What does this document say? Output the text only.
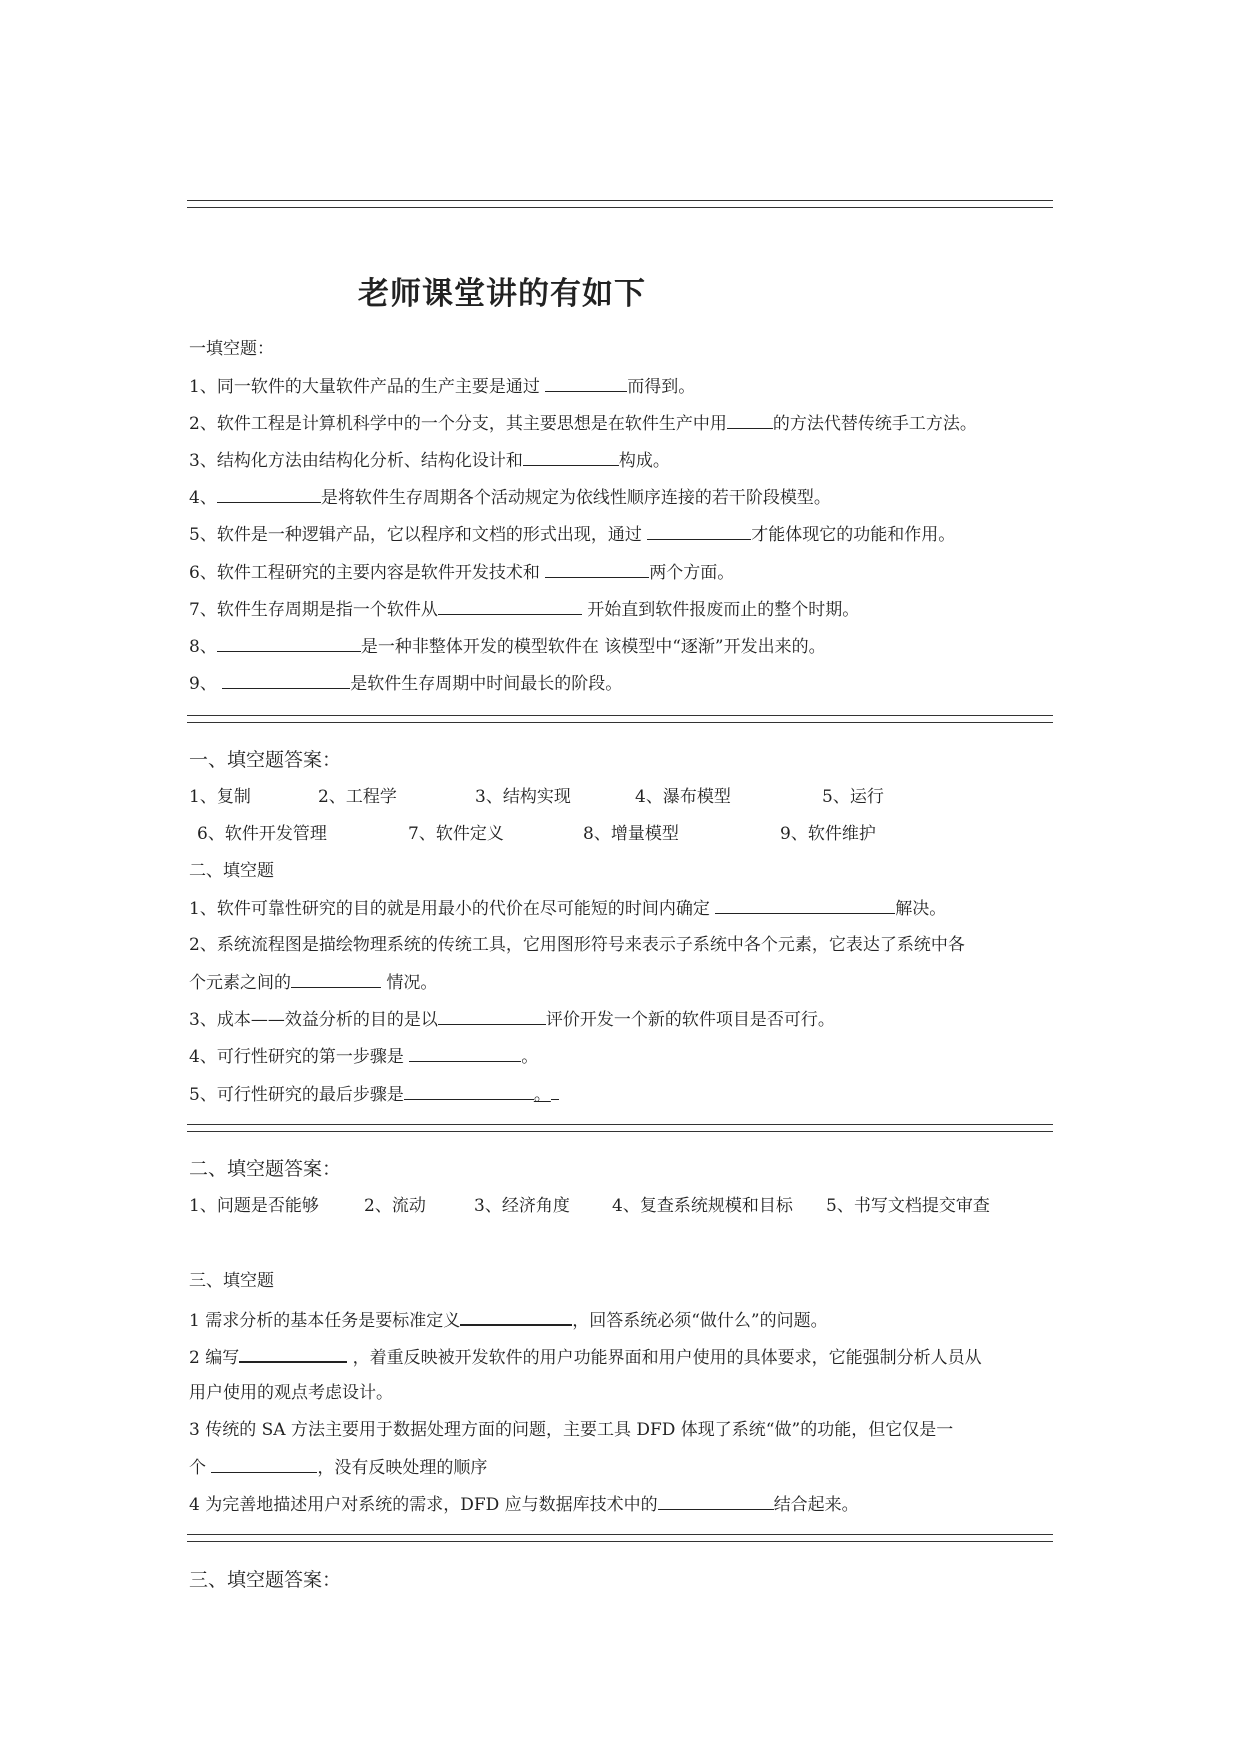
老师课堂讲的有如下
一填空题：
1、同一软件的大量软件产品的生产主要是通过	而得到。
2、软件工程是计算机科学中的一个分支，其主要思想是在软件生产中用	的方法代替传统手工方法。
3、结构化方法由结构化分析、结构化设计和	构成。
4、	是将软件生存周期各个活动规定为依线性顺序连接的若干阶段模型。
5、软件是一种逻辑产品，它以程序和文档的形式出现，通过	才能体现它的功能和作用。
6、软件工程研究的主要内容是软件开发技术和	两个方面。
7、软件生存周期是指一个软件从	开始直到软件报废而止的整个时期。
8、	是一种非整体开发的模型软件在 该模型中“逐渐”开发出来的。
9、	是软件生存周期中时间最长的阶段。
一、填空题答案：
1、复制	2、工程学	3、结构实现	4、瀑布模型	5、运行
6、软件开发管理	7、软件定义	8、增量模型	9、软件维护
二、填空题
1、软件可靠性研究的目的就是用最小的代价在尽可能短的时间内确定	解决。
2、系统流程图是描绘物理系统的传统工具，它用图形符号来表示子系统中各个元素，它表达了系统中各
个元素之间的	情况。
3、成本——效益分析的目的是以	评价开发一个新的软件项目是否可行。
4、可行性研究的第一步骤是	。
5、可行性研究的最后步骤是	。
二、填空题答案：
1、问题是否能够	2、流动	3、经济角度 4、复查系统规模和目标 5、书写文档提交审查
三、填空题
1 需求分析的基本任务是要标准定义	，回答系统必须“做什么”的问题。
2 编写	，着重反映被开发软件的用户功能界面和用户使用的具体要求，它能强制分析人员从
用户使用的观点考虑设计。
3 传统的 SA 方法主要用于数据处理方面的问题，主要工具 DFD 体现了系统“做”的功能，但它仅是一
个	，没有反映处理的顺序
4 为完善地描述用户对系统的需求，DFD 应与数据库技术中的	结合起来。
三、填空题答案：
